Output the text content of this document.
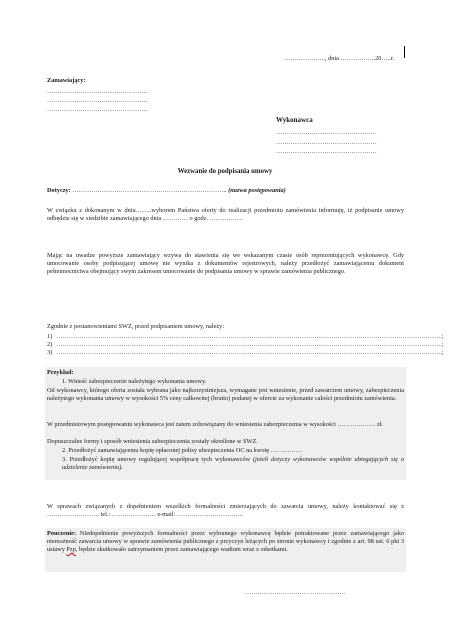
……………….., dnia ……………..20…..r.
Zamawiający:
…………………………………………
…………………………………………
…………………………………………
Wykonawca
…………………………………………
…………………………………………
…………………………………………
Wezwanie do podpisania umowy
Dotyczy: ……………………………………………………………….. (nazwa postępowania)
W związku z dokonanym w dniu……..wyborem Państwa oferty do realizacji przedmiotu zamówienia informuję, iż podpisanie umowy odbędzie się w siedzibie zamawiającego dnia ………… o godz. …………….
Mając na uwadze powyższe zamawiający wzywa do stawienia się we wskazanym czasie osób reprezentujących wykonawcę. Gdy umocowanie osoby podpisującej umowę nie wynika z dokumentów rejestrowych, należy przedłożyć zamawiającemu dokument pełnomocnictwa obejmujący swym zakresem umocowanie do podpisania umowy w sprawie zamówienia publicznego.
Zgodnie z postanowieniami SWZ, przed podpisaniem umowy, należy:
1) ………………………………………………………………………………………………………………………………………………………………….;
2) ………………………………………………………………………………………………………………………………………………………………….;
3) ………………………………………………………………………………………………………………………………………………………………….;
Przykład:
1. Wnieść zabezpieczenie należytego wykonania umowy.
Od wykonawcy, którego oferta została wybrana jako najkorzystniejsza, wymagane jest wniesienie, przed zawarciem umowy, zabezpieczenia należytego wykonania umowy w wysokości 5% ceny całkowitej (brutto) podanej w ofercie za wykonanie całości przedmiotu zamówienia.
W przedmiotowym postępowaniu wykonawca jest zatem zobowiązany do wniesienia zabezpieczenia w wysokości ……………… zł.
Dopuszczalne formy i sposób wniesienia zabezpieczenia zostały określone w SWZ.
2. Przedłożyć zamawiającemu kopię opłaconej polisy ubezpieczenia OC na kwotę ……………
3. Przedłożyć kopię umowy regulującej współpracę tych wykonawców (jeżeli dotyczy wykonawców wspólnie ubiegających się o udzielenie zamówienia).
W sprawach związanych z dopełnieniem wszelkich formalności zmierzających do zawarcia umowy, należy kontaktować się z ……………………. tel.: ………………… e-mail: …………………………..
Pouczenie: Niedopełnienie powyższych formalności przez wybranego wykonawcę będzie potraktowane przez zamawiającego jako niemożność zawarcia umowy w sprawie zamówienia publicznego z przyczyn leżących po stronie wykonawcy i zgodnie z art. 98 ust. 6 pkt 3 ustawy Pzp, będzie skutkowało zatrzymaniem przez zamawiającego wadium wraz z odsetkami.
…………………………………………
